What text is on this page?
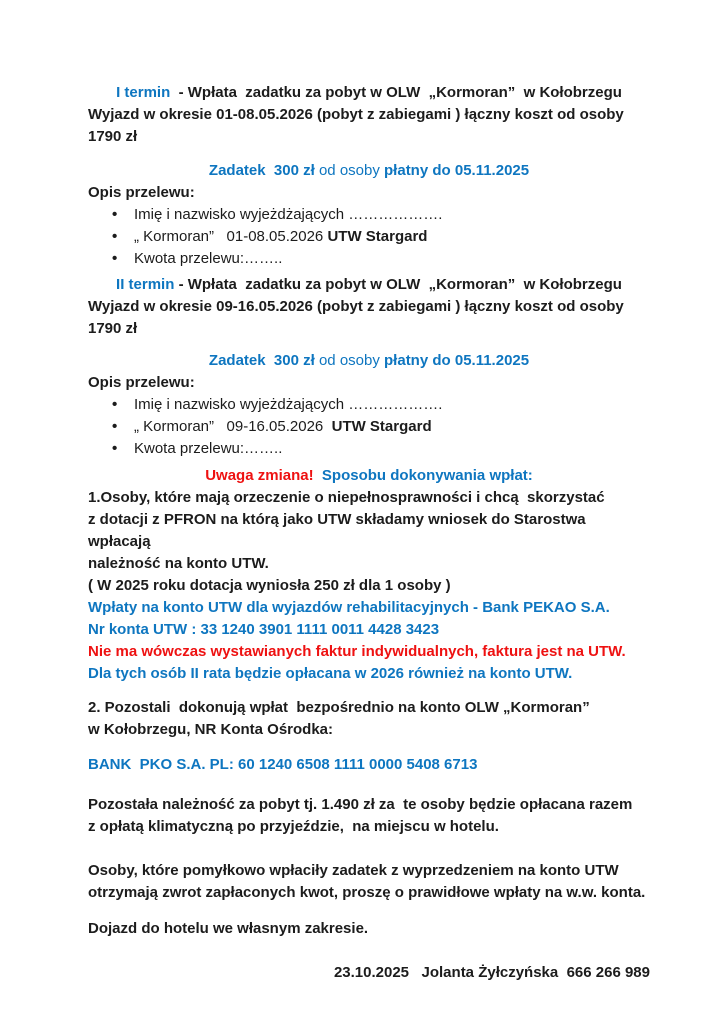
I termin  - Wpłata  zadatku za pobyt w OLW  „Kormoran”  w Kołobrzegu
Wyjazd w okresie 01-08.05.2026 (pobyt z zabiegami ) łączny koszt od osoby 1790 zł
Zadatek  300 zł od osoby płatny do 05.11.2025
Opis przelewu:
•	Imię i nazwisko wyjeżdżających ……………….
•	„ Kormoran”   01-08.05.2026 UTW Stargard
•	Kwota przelewu:……..
II termin - Wpłata  zadatku za pobyt w OLW  „Kormoran”  w Kołobrzegu
Wyjazd w okresie 09-16.05.2026 (pobyt z zabiegami ) łączny koszt od osoby 1790 zł
Zadatek  300 zł od osoby płatny do 05.11.2025
Opis przelewu:
•	Imię i nazwisko wyjeżdżających ……………….
•	„ Kormoran”   09-16.05.2026  UTW Stargard
•	Kwota przelewu:……..
Uwaga zmiana!  Sposobu dokonywania wpłat:
1.Osoby, które mają orzeczenie o niepełnosprawności i chcą  skorzystać
z dotacji z PFRON na którą jako UTW składamy wniosek do Starostwa wpłacają
należność na konto UTW.
( W 2025 roku dotacja wyniosła 250 zł dla 1 osoby )
Wpłaty na konto UTW dla wyjazdów rehabilitacyjnych - Bank PEKAO S.A.
Nr konta UTW : 33 1240 3901 1111 0011 4428 3423
Nie ma wówczas wystawianych faktur indywidualnych, faktura jest na UTW.
Dla tych osób II rata będzie opłacana w 2026 również na konto UTW.
2. Pozostali  dokonują wpłat  bezpośrednio na konto OLW „Kormoran”
w Kołobrzegu, NR Konta Ośrodka:
BANK  PKO S.A. PL: 60 1240 6508 1111 0000 5408 6713
Pozostała należność za pobyt tj. 1.490 zł za  te osoby będzie opłacana razem
z opłatą klimatyczną po przyjeździe,  na miejscu w hotelu.
Osoby, które pomyłkowo wpłaciły zadatek z wyprzedzeniem na konto UTW
otrzymają zwrot zapłaconych kwot, proszę o prawidłowe wpłaty na w.w. konta.
Dojazd do hotelu we własnym zakresie.
23.10.2025   Jolanta Żyłczyńska  666 266 989
